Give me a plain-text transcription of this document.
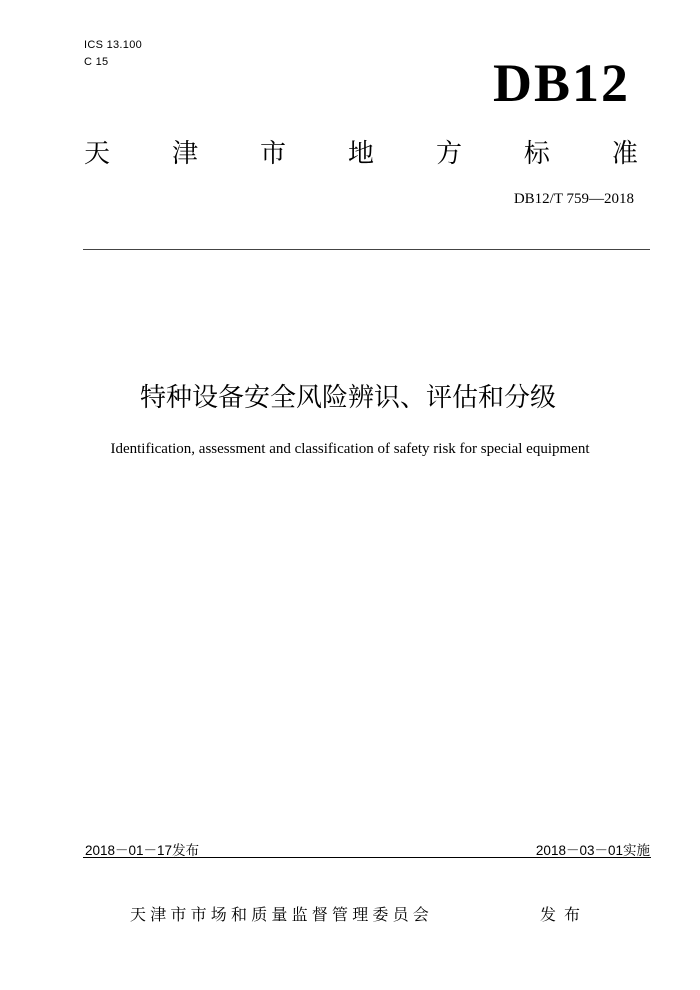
ICS 13.100
C 15	DB12
天 津 市 地 方 标 准
DB12/T 759—2018
特种设备安全风险辨识、评估和分级
Identification, assessment and classification of safety risk for special equipment
2018－01－17发布	2018－03－01实施
天津市市场和质量监督管理委员会	发布
